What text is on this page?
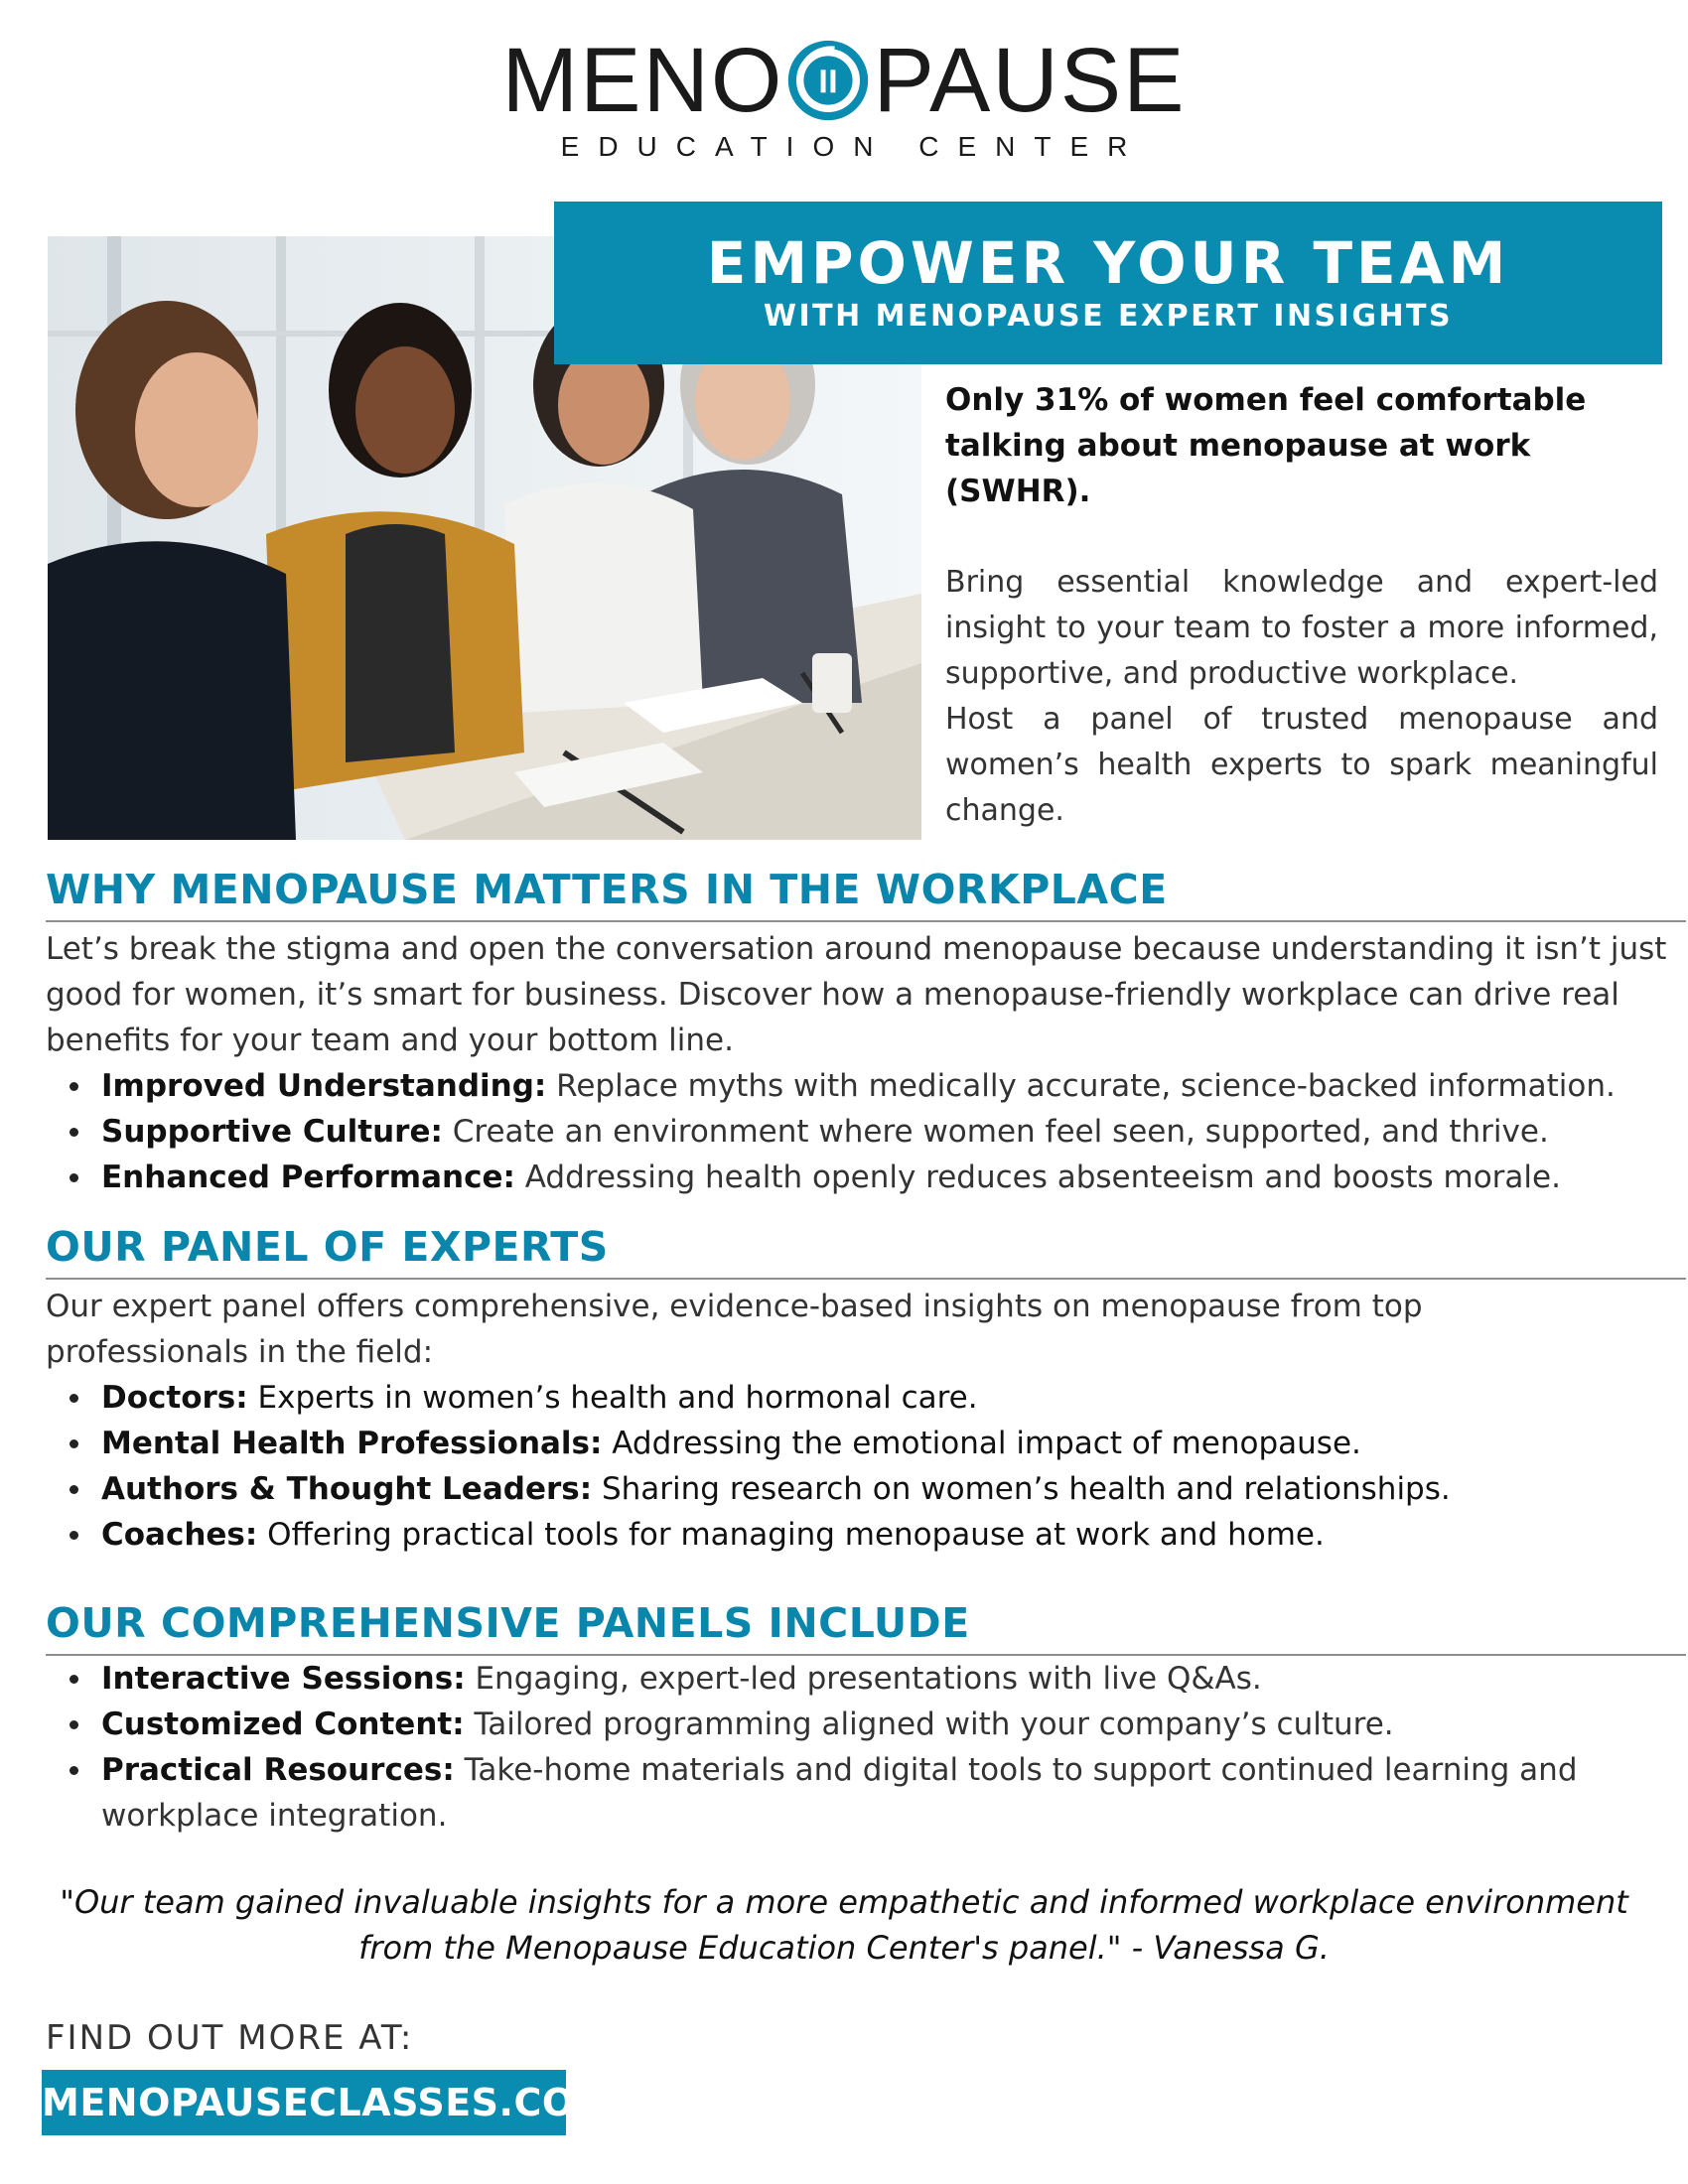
MENO PAUSE
EDUCATION CENTER
EMPOWER YOUR TEAM
WITH MENOPAUSE EXPERT INSIGHTS
Only 31% of women feel comfortable talking about menopause at work (SWHR).
Bring essential knowledge and expert-led insight to your team to foster a more informed, supportive, and productive workplace.
Host a panel of trusted menopause and women’s health experts to spark meaningful change.
WHY MENOPAUSE MATTERS IN THE WORKPLACE
Let’s break the stigma and open the conversation around menopause because understanding it isn’t just good for women, it’s smart for business. Discover how a menopause-friendly workplace can drive real benefits for your team and your bottom line.
Improved Understanding: Replace myths with medically accurate, science-backed information.
Supportive Culture: Create an environment where women feel seen, supported, and thrive.
Enhanced Performance: Addressing health openly reduces absenteeism and boosts morale.
OUR PANEL OF EXPERTS
Our expert panel offers comprehensive, evidence-based insights on menopause from top professionals in the field:
Doctors: Experts in women’s health and hormonal care.
Mental Health Professionals: Addressing the emotional impact of menopause.
Authors & Thought Leaders: Sharing research on women’s health and relationships.
Coaches: Offering practical tools for managing menopause at work and home.
OUR COMPREHENSIVE PANELS INCLUDE
Interactive Sessions: Engaging, expert-led presentations with live Q&As.
Customized Content: Tailored programming aligned with your company’s culture.
Practical Resources: Take-home materials and digital tools to support continued learning and workplace integration.
"Our team gained invaluable insights for a more empathetic and informed workplace environment from the Menopause Education Center's panel." - Vanessa G.
FIND OUT MORE AT:
MENOPAUSECLASSES.COM
